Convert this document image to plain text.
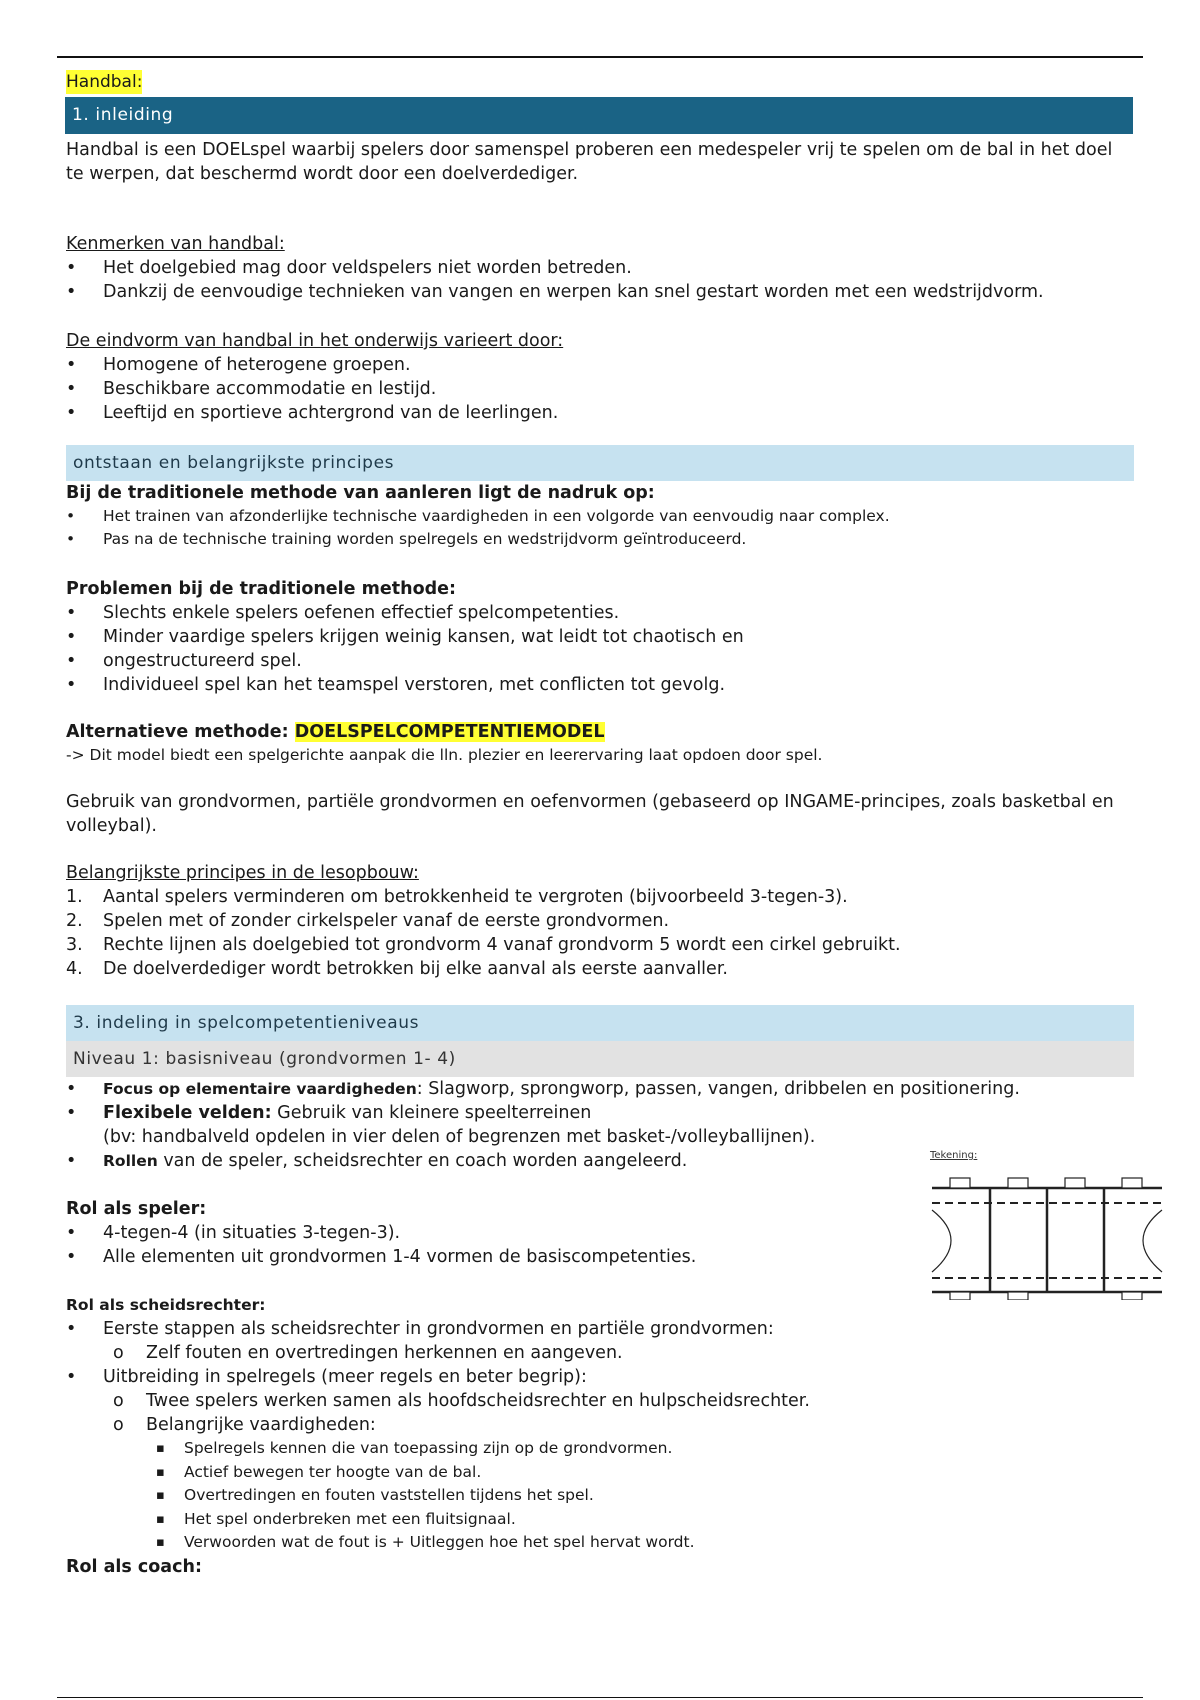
Handbal:
1. inleiding

Handbal is een DOELspel waarbij spelers door samenspel proberen een medespeler vrij te spelen om de bal in het doel te werpen, dat beschermd wordt door een doelverdediger.

Kenmerken van handbal:
• Het doelgebied mag door veldspelers niet worden betreden.
• Dankzij de eenvoudige technieken van vangen en werpen kan snel gestart worden met een wedstrijdvorm.
De eindvorm van handbal in het onderwijs varieert door:
• Homogene of heterogene groepen.
• Beschikbare accommodatie en lestijd.
• Leeftijd en sportieve achtergrond van de leerlingen.
ontstaan en belangrijkste principes
Bij de traditionele methode van aanleren ligt de nadruk op:
• Het trainen van afzonderlijke technische vaardigheden in een volgorde van eenvoudig naar complex.
• Pas na de technische training worden spelregels en wedstrijdvorm geïntroduceerd.
Problemen bij de traditionele methode:
• Slechts enkele spelers oefenen effectief spelcompetenties.
• Minder vaardige spelers krijgen weinig kansen, wat leidt tot chaotisch en
• ongestructureerd spel.
• Individueel spel kan het teamspel verstoren, met conflicten tot gevolg.
Alternatieve methode: DOELSPELCOMPETENTIEMODEL

-> Dit model biedt een spelgerichte aanpak die lln. plezier en leerervaring laat opdoen door spel.

Gebruik van grondvormen, partiële grondvormen en oefenvormen (gebaseerd op INGAME-principes, zoals basketbal en volleybal).

Belangrijkste principes in de lesopbouw:
1. Aantal spelers verminderen om betrokkenheid te vergroten (bijvoorbeeld 3-tegen-3).
2. Spelen met of zonder cirkelspeler vanaf de eerste grondvormen.
3. Rechte lijnen als doelgebied tot grondvorm 4 vanaf grondvorm 5 wordt een cirkel gebruikt.
4. De doelverdediger wordt betrokken bij elke aanval als eerste aanvaller.
3. indeling in spelcompetentieniveaus
Niveau 1: basisniveau (grondvormen 1- 4)
• Focus op elementaire vaardigheden: Slagworp, sprongworp, passen, vangen, dribbelen en positionering.
• Flexibele velden: Gebruik van kleinere speelterreinen
(bv: handbalveld opdelen in vier delen of begrenzen met basket-/volleyballijnen).
• Rollen van de speler, scheidsrechter en coach worden aangeleerd.
Rol als speler:
• 4-tegen-4 (in situaties 3-tegen-3).
• Alle elementen uit grondvormen 1-4 vormen de basiscompetenties.
Rol als scheidsrechter:
• Eerste stappen als scheidsrechter in grondvormen en partiële grondvormen:
o Zelf fouten en overtredingen herkennen en aangeven.
• Uitbreiding in spelregels (meer regels en beter begrip):
o Twee spelers werken samen als hoofdscheidsrechter en hulpscheidsrechter.
o Belangrijke vaardigheden:
▪ Spelregels kennen die van toepassing zijn op de grondvormen.
▪ Actief bewegen ter hoogte van de bal.
▪ Overtredingen en fouten vaststellen tijdens het spel.
▪ Het spel onderbreken met een fluitsignaal.
▪ Verwoorden wat de fout is + Uitleggen hoe het spel hervat wordt.
Rol als coach:
Tekening:
